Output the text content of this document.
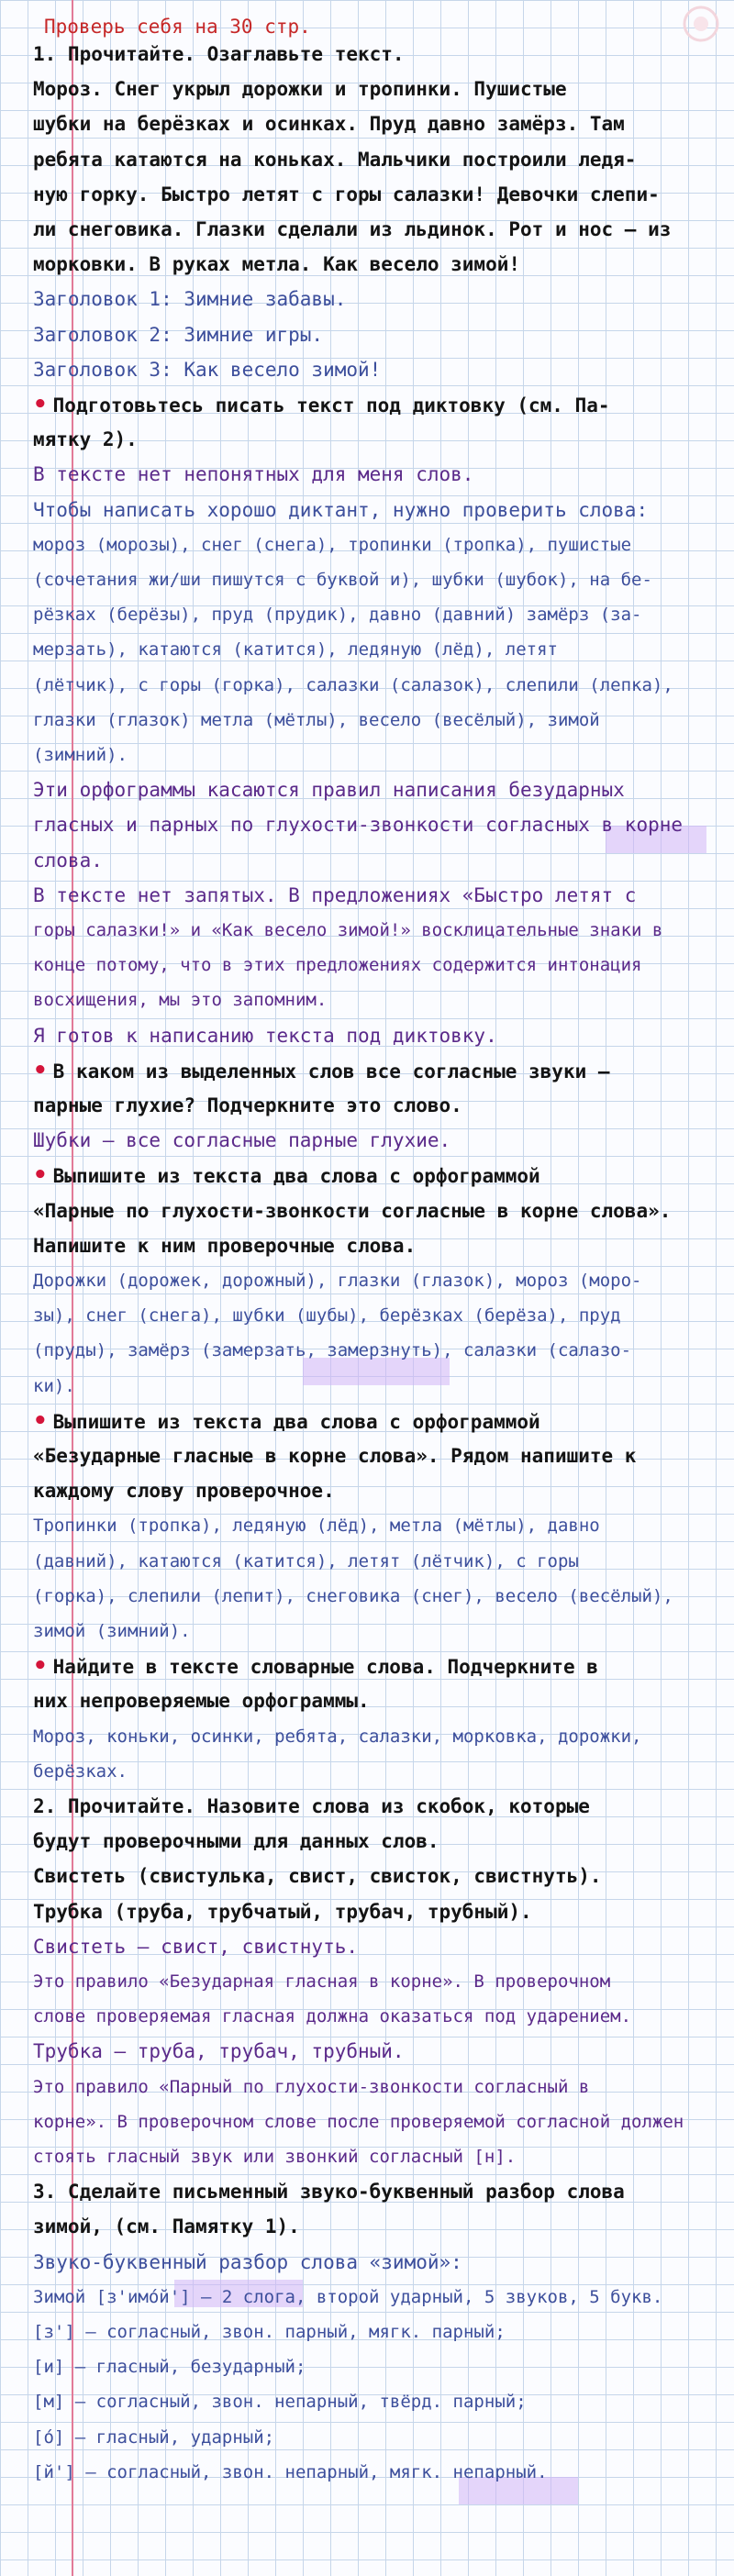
Проверь себя на 30 стр.
1. Прочитайте. Озаглавьте текст.
Мороз. Снег укрыл дорожки и тропинки. Пушистые
шубки на берёзках и осинках. Пруд давно замёрз. Там
ребята катаются на коньках. Мальчики построили ледя-
ную горку. Быстро летят с горы салазки! Девочки слепи-
ли снеговика. Глазки сделали из льдинок. Рот и нос – из
морковки. В руках метла. Как весело зимой!
Заголовок 1: Зимние забавы.
Заголовок 2: Зимние игры.
Заголовок 3: Как весело зимой!
• Подготовьтесь писать текст под диктовку (см. Па-
мятку 2).
В тексте нет непонятных для меня слов.
Чтобы написать хорошо диктант, нужно проверить слова:
мороз (морозы), снег (снега), тропинки (тропка), пушистые
(сочетания жи/ши пишутся с буквой и), шубки (шубок), на бе-
рёзках (берёзы), пруд (прудик), давно (давний) замёрз (за-
мерзать), катаются (катится), ледяную (лёд), летят
(лётчик), с горы (горка), салазки (салазок), слепили (лепка),
глазки (глазок) метла (мётлы), весело (весёлый), зимой
(зимний).
Эти орфограммы касаются правил написания безударных
гласных и парных по глухости-звонкости согласных в корне
слова.
В тексте нет запятых. В предложениях «Быстро летят с
горы салазки!» и «Как весело зимой!» восклицательные знаки в
конце потому, что в этих предложениях содержится интонация
восхищения, мы это запомним.
Я готов к написанию текста под диктовку.
• В каком из выделенных слов все согласные звуки –
парные глухие? Подчеркните это слово.
Шубки – все согласные парные глухие.
• Выпишите из текста два слова с орфограммой
«Парные по глухости-звонкости согласные в корне слова».
Напишите к ним проверочные слова.
Дорожки (дорожек, дорожный), глазки (глазок), мороз (моро-
зы), снег (снега), шубки (шубы), берёзках (берёза), пруд
(пруды), замёрз (замерзать, замерзнуть), салазки (салазо-
ки).
• Выпишите из текста два слова с орфограммой
«Безударные гласные в корне слова». Рядом напишите к
каждому слову проверочное.
Тропинки (тропка), ледяную (лёд), метла (мётлы), давно
(давний), катаются (катится), летят (лётчик), с горы
(горка), слепили (лепит), снеговика (снег), весело (весёлый),
зимой (зимний).
• Найдите в тексте словарные слова. Подчеркните в
них непроверяемые орфограммы.
Мороз, коньки, осинки, ребята, салазки, морковка, дорожки,
берёзках.
2. Прочитайте. Назовите слова из скобок, которые
будут проверочными для данных слов.
Свистеть (свистулька, свист, свисток, свистнуть).
Трубка (труба, трубчатый, трубач, трубный).
Свистеть – свист, свистнуть.
Это правило «Безударная гласная в корне». В проверочном
слове проверяемая гласная должна оказаться под ударением.
Трубка – труба, трубач, трубный.
Это правило «Парный по глухости-звонкости согласный в
корне». В проверочном слове после проверяемой согласной должен
стоять гласный звук или звонкий согласный [н].
3. Сделайте письменный звуко-буквенный разбор слова
зимой, (см. Памятку 1).
Звуко-буквенный разбор слова «зимой»:
Зимой [з'имо́й'] – 2 слога, второй ударный, 5 звуков, 5 букв.
[з'] – согласный, звон. парный, мягк. парный;
[и] – гласный, безударный;
[м] – согласный, звон. непарный, твёрд. парный;
[о́] – гласный, ударный;
[й'] – согласный, звон. непарный, мягк. непарный.
